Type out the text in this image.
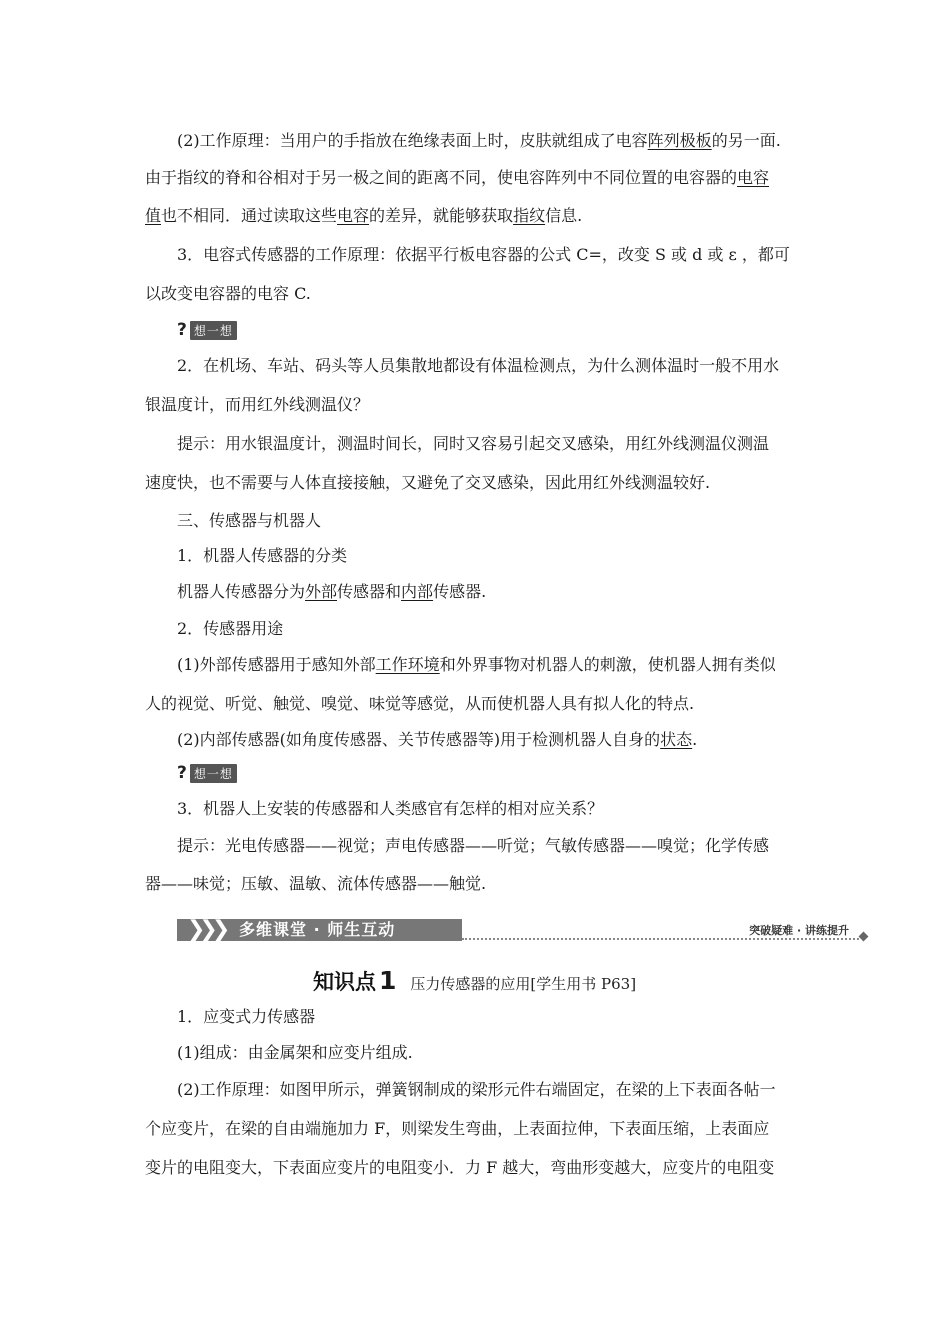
(2)工作原理：当用户的手指放在绝缘表面上时，皮肤就组成了电容阵列极板的另一面.
由于指纹的脊和谷相对于另一极之间的距离不同，使电容阵列中不同位置的电容器的电容
值也不相同．通过读取这些电容的差异，就能够获取指纹信息.
3．电容式传感器的工作原理：依据平行板电容器的公式 C=，改变 S 或 d 或 ε ，都可
以改变电容器的电容 C.
? 想一想
2．在机场、车站、码头等人员集散地都设有体温检测点，为什么测体温时一般不用水
银温度计，而用红外线测温仪？
提示：用水银温度计，测温时间长，同时又容易引起交叉感染，用红外线测温仪测温
速度快，也不需要与人体直接接触，又避免了交叉感染，因此用红外线测温较好.
三、传感器与机器人
1．机器人传感器的分类
机器人传感器分为外部传感器和内部传感器.
2．传感器用途
(1)外部传感器用于感知外部工作环境和外界事物对机器人的刺激，使机器人拥有类似
人的视觉、听觉、触觉、嗅觉、味觉等感觉，从而使机器人具有拟人化的特点.
(2)内部传感器(如角度传感器、关节传感器等)用于检测机器人自身的状态.
? 想一想
3．机器人上安装的传感器和人类感官有怎样的相对应关系？
提示：光电传感器——视觉；声电传感器——听觉；气敏传感器——嗅觉；化学传感
器——味觉；压敏、温敏、流体传感器——触觉.
❯❯❯ 多维课堂 · 师生互动	突破疑难 · 讲练提升
知识点 1 压力传感器的应用[学生用书 P63]
1．应变式力传感器
(1)组成：由金属架和应变片组成.
(2)工作原理：如图甲所示，弹簧钢制成的梁形元件右端固定，在梁的上下表面各帖一
个应变片，在梁的自由端施加力 F，则梁发生弯曲，上表面拉伸，下表面压缩，上表面应
变片的电阻变大，下表面应变片的电阻变小．力 F 越大，弯曲形变越大，应变片的电阻变
